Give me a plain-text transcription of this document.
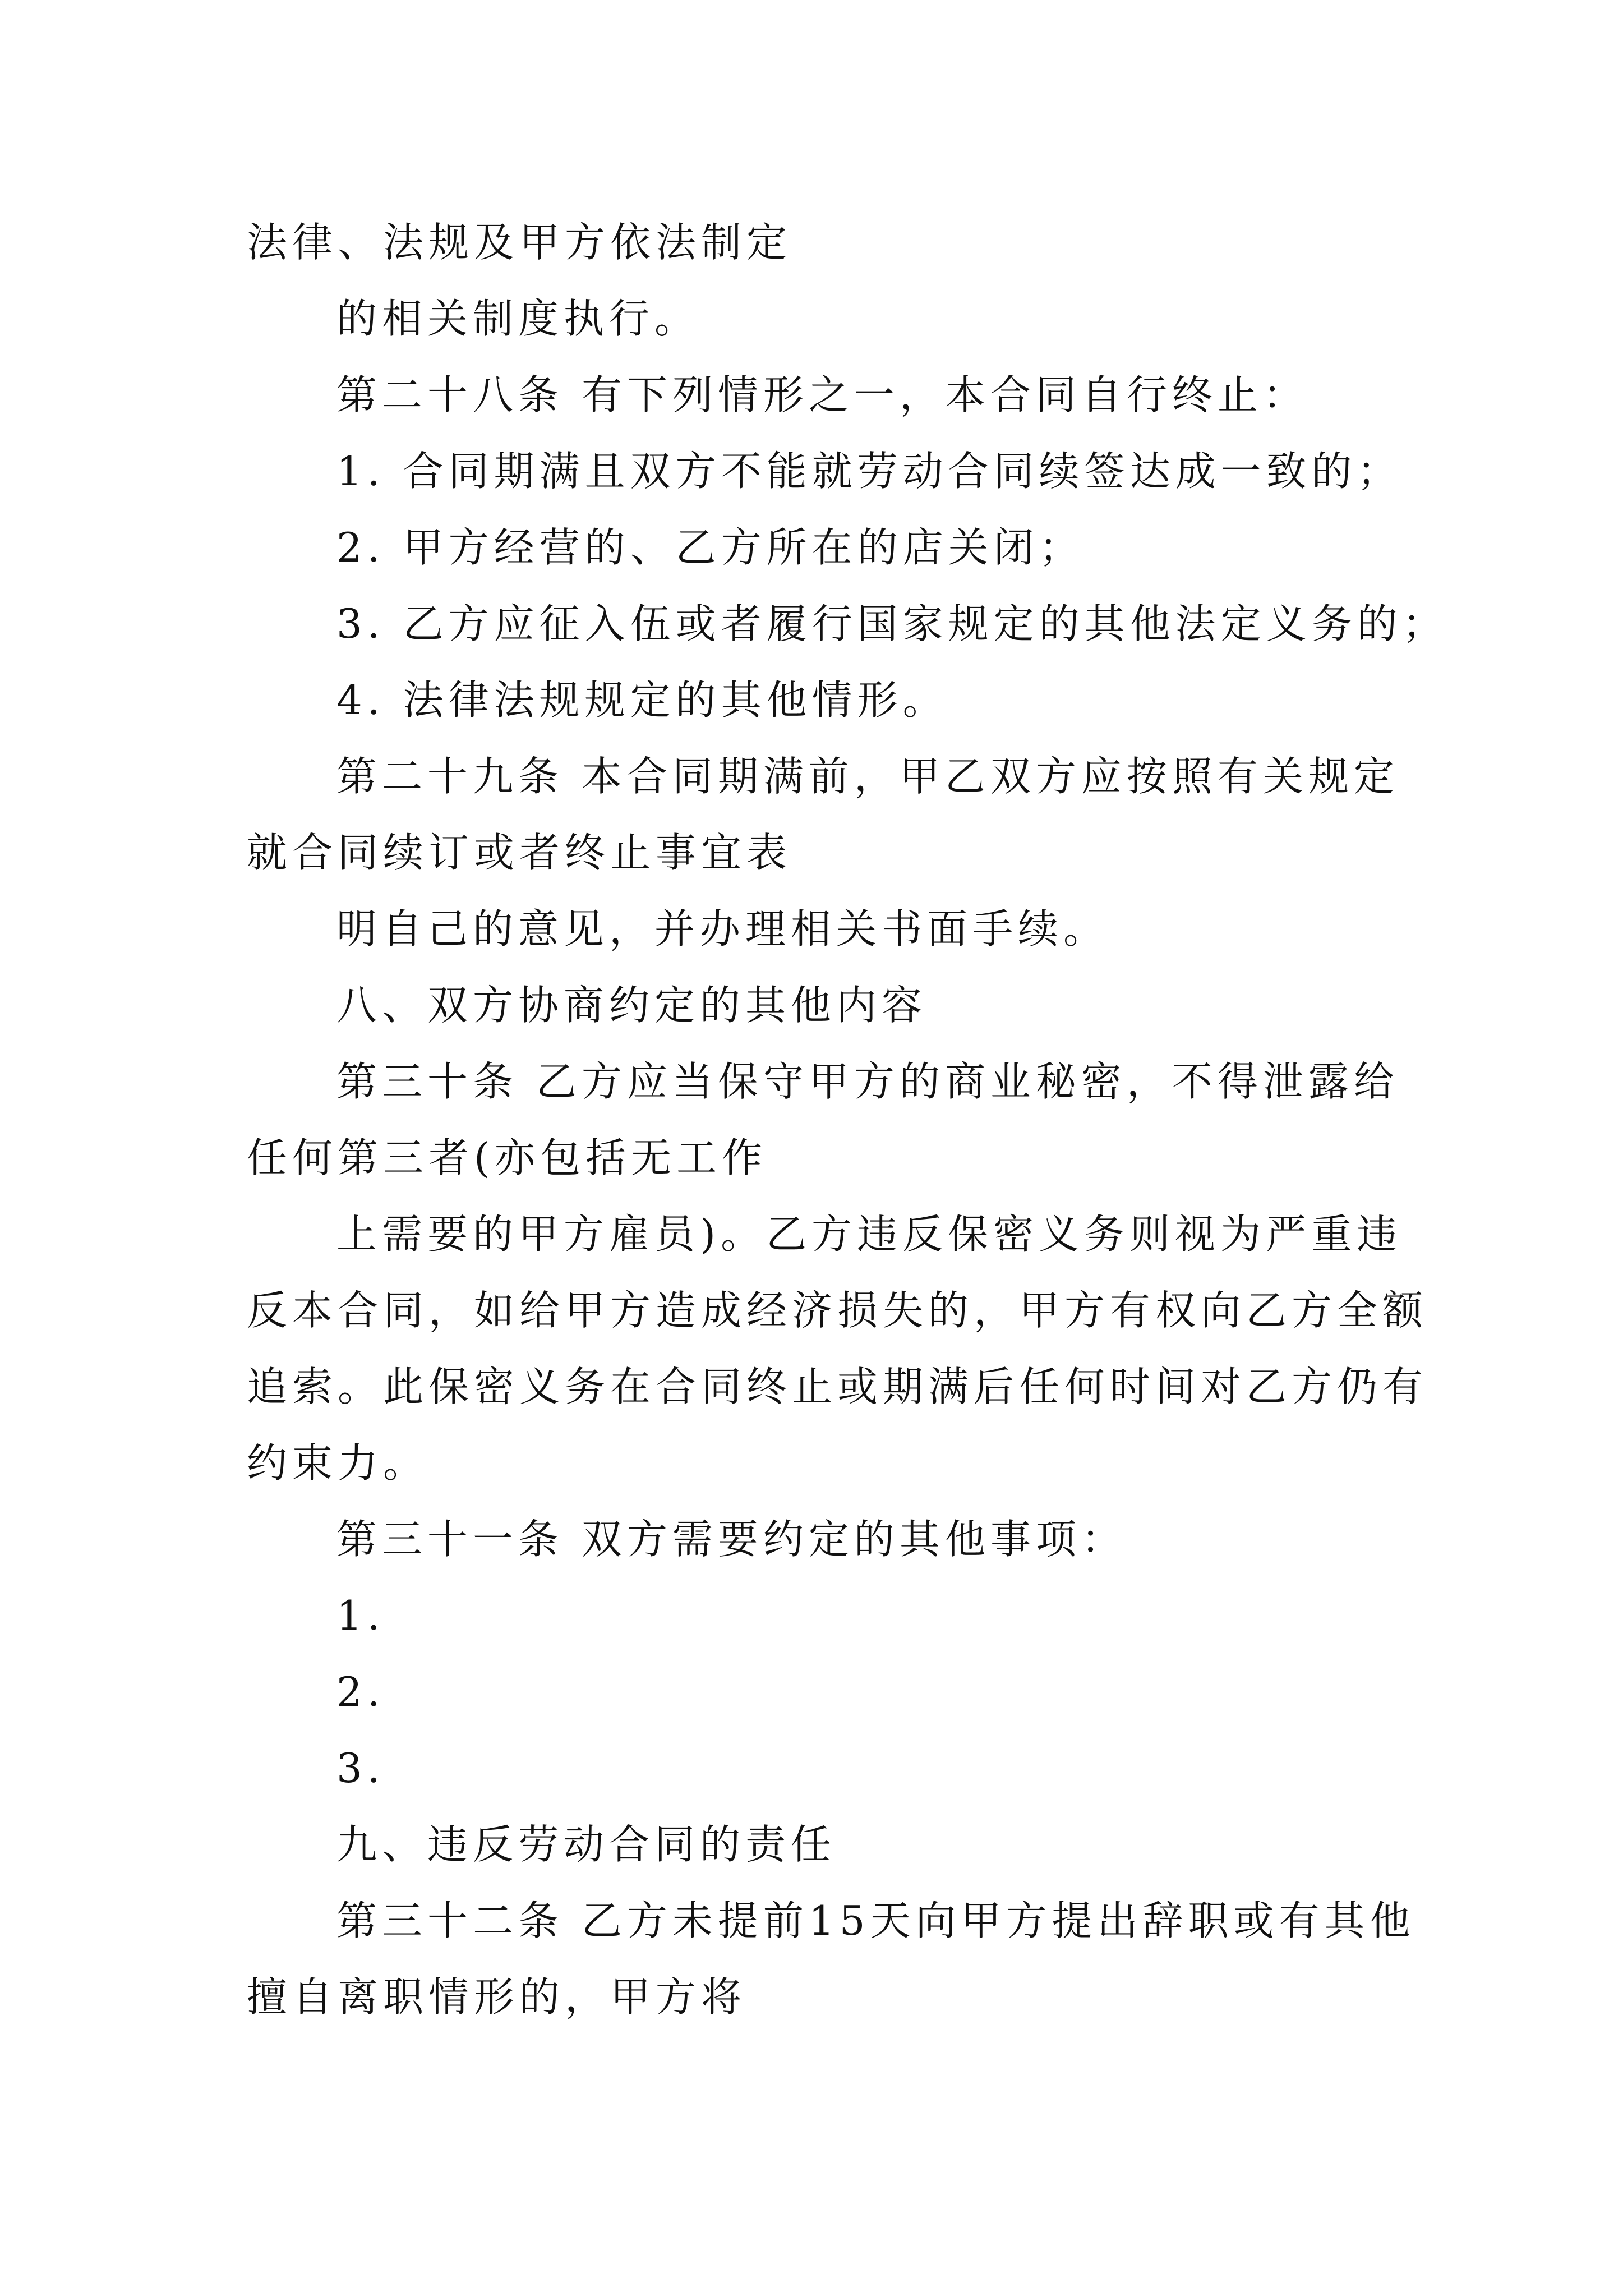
法律、法规及甲方依法制定

的相关制度执行。

第二十八条 有下列情形之一，本合同自行终止：

1. 合同期满且双方不能就劳动合同续签达成一致的；

2. 甲方经营的、乙方所在的店关闭；

3. 乙方应征入伍或者履行国家规定的其他法定义务的；

4. 法律法规规定的其他情形。

第二十九条 本合同期满前，甲乙双方应按照有关规定

就合同续订或者终止事宜表

明自己的意见，并办理相关书面手续。

八、双方协商约定的其他内容

第三十条 乙方应当保守甲方的商业秘密，不得泄露给

任何第三者(亦包括无工作

上需要的甲方雇员)。乙方违反保密义务则视为严重违

反本合同，如给甲方造成经济损失的，甲方有权向乙方全额

追索。此保密义务在合同终止或期满后任何时间对乙方仍有

约束力。

第三十一条 双方需要约定的其他事项：

1.

2.

3.

九、违反劳动合同的责任

第三十二条 乙方未提前15天向甲方提出辞职或有其他

擅自离职情形的，甲方将
